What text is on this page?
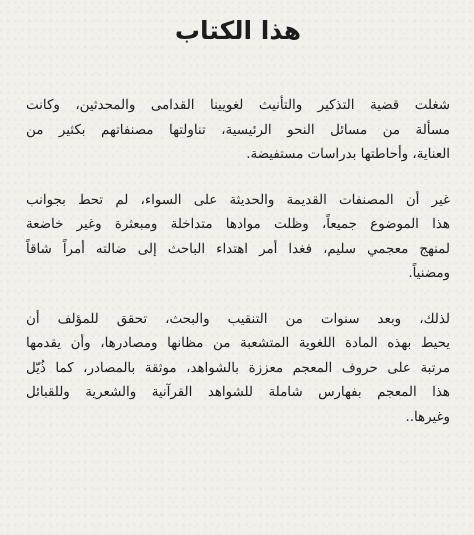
هذا الكتاب

شغلت قضية التذكير والتأنيث لغويينا القدامى والمحدثين، وكانت
مسألة من مسائل النحو الرئيسية، تناولتها مصنفاتهم بكثير من
العناية، وأحاطتها بدراسات مستفيضة.

غير أن المصنفات القديمة والحديثة على السواء، لم تحط بجوانب
هذا الموضوع جميعاً، وظلت موادها متداخلة ومبعثرة وغير خاضعة
لمنهج معجمي سليم، فغدا أمر اهتداء الباحث إلى ضالته أمراً شاقاً
ومضنياً.

لذلك، وبعد سنوات من التنقيب والبحث، تحقق للمؤلف أن
يحيط بهذه المادة اللغوية المتشعبة من مظانها ومصادرها، وأن يقدمها
مرتبة على حروف المعجم معززة بالشواهد، موثقة بالمصادر، كما ذُيّل
هذا المعجم بفهارس شاملة للشواهد القرآنية والشعرية وللقبائل
وغيرها..
